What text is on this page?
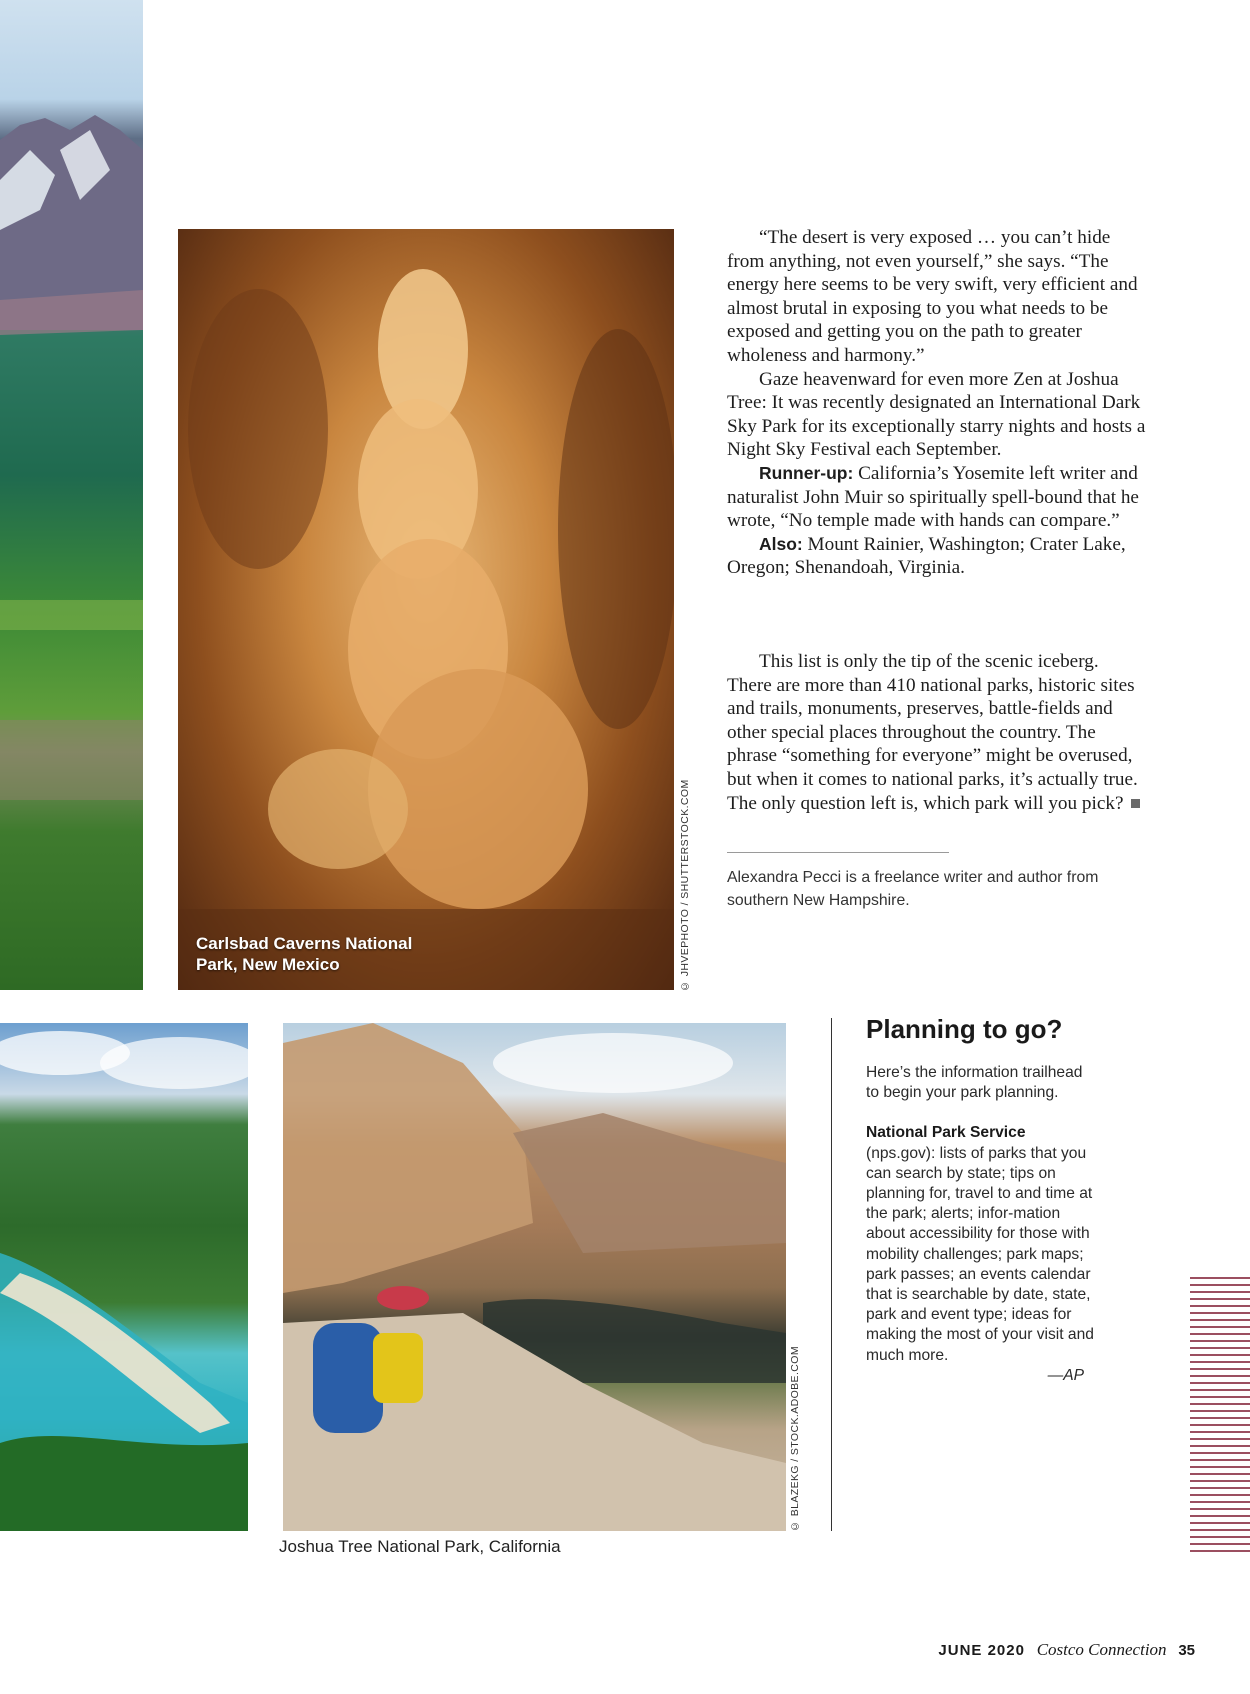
Carlsbad Caverns National Park, New Mexico	© JHVEPHOTO / SHUTTERSTOCK.COM

“The desert is very exposed … you can’t hide from anything, not even yourself,” she says. “The energy here seems to be very swift, very efficient and almost brutal in exposing to you what needs to be exposed and getting you on the path to greater wholeness and harmony.”

Gaze heavenward for even more Zen at Joshua Tree: It was recently designated an International Dark Sky Park for its exceptionally starry nights and hosts a Night Sky Festival each September.

Runner-up: California’s Yosemite left writer and naturalist John Muir so spiritually spell-bound that he wrote, “No temple made with hands can compare.”

Also: Mount Rainier, Washington; Crater Lake, Oregon; Shenandoah, Virginia.

This list is only the tip of the scenic iceberg. There are more than 410 national parks, historic sites and trails, monuments, preserves, battle-fields and other special places throughout the country. The phrase “something for everyone” might be overused, but when it comes to national parks, it’s actually true. The only question left is, which park will you pick?

Alexandra Pecci is a freelance writer and author from southern New Hampshire.
© BLAZEKG / STOCK.ADOBE.COM
Joshua Tree National Park, California
Planning to go?

Here’s the information trailhead to begin your park planning.

National Park Service

(nps.gov): lists of parks that you can search by state; tips on planning for, travel to and time at the park; alerts; infor-mation about accessibility for those with mobility challenges; park maps; park passes; an events calendar that is searchable by date, state, park and event type; ideas for making the most of your visit and much more.

—AP

JUNE 2020 Costco Connection 35
